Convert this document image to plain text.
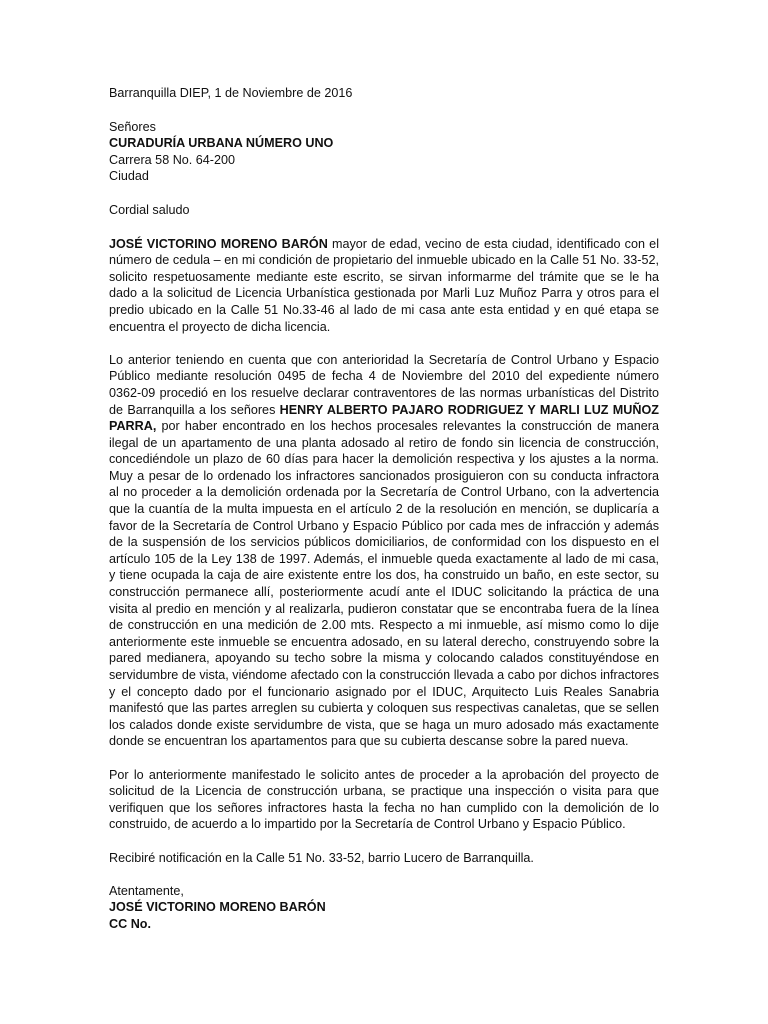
Barranquilla DIEP, 1 de Noviembre de 2016
Señores
CURADURÍA URBANA NÚMERO UNO
Carrera 58 No. 64-200
Ciudad
Cordial saludo

JOSÉ VICTORINO MORENO BARÓN mayor de edad, vecino de esta ciudad, identificado con el número de cedula – en mi condición de propietario del inmueble ubicado en la Calle 51 No. 33-52, solicito respetuosamente mediante este escrito, se sirvan informarme del trámite que se le ha dado a la solicitud de Licencia Urbanística gestionada por Marli Luz Muñoz Parra y otros para el predio ubicado en la Calle 51 No.33-46 al lado de mi casa ante esta entidad y en qué etapa se encuentra el proyecto de dicha licencia.

Lo anterior teniendo en cuenta que con anterioridad la Secretaría de Control Urbano y Espacio Público mediante resolución 0495 de fecha 4 de Noviembre del 2010 del expediente número 0362-09 procedió en los resuelve declarar contraventores de las normas urbanísticas del Distrito de Barranquilla a los señores HENRY ALBERTO PAJARO RODRIGUEZ Y MARLI LUZ MUÑOZ PARRA, por haber encontrado en los hechos procesales relevantes la construcción de manera ilegal de un apartamento de una planta adosado al retiro de fondo sin licencia de construcción, concediéndole un plazo de 60 días para hacer la demolición respectiva y los ajustes a la norma. Muy a pesar de lo ordenado los infractores sancionados prosiguieron con su conducta infractora al no proceder a la demolición ordenada por la Secretaría de Control Urbano, con la advertencia que la cuantía de la multa impuesta en el artículo 2 de la resolución en mención, se duplicaría a favor de la Secretaría de Control Urbano y Espacio Público por cada mes de infracción y además de la suspensión de los servicios públicos domiciliarios, de conformidad con los dispuesto en el artículo 105 de la Ley 138 de 1997. Además, el inmueble queda exactamente al lado de mi casa, y tiene ocupada la caja de aire existente entre los dos, ha construido un baño, en este sector, su construcción permanece allí, posteriormente acudí ante el IDUC solicitando la práctica de una visita al predio en mención y al realizarla, pudieron constatar que se encontraba fuera de la línea de construcción en una medición de 2.00 mts. Respecto a mi inmueble, así mismo como lo dije anteriormente este inmueble se encuentra adosado, en su lateral derecho, construyendo sobre la pared medianera, apoyando su techo sobre la misma y colocando calados constituyéndose en servidumbre de vista, viéndome afectado con la construcción llevada a cabo por dichos infractores y el concepto dado por el funcionario asignado por el IDUC, Arquitecto Luis Reales Sanabria manifestó que las partes arreglen su cubierta y coloquen sus respectivas canaletas, que se sellen los calados donde existe servidumbre de vista, que se haga un muro adosado más exactamente donde se encuentran los apartamentos para que su cubierta descanse sobre la pared nueva.

Por lo anteriormente manifestado le solicito antes de proceder a la aprobación del proyecto de solicitud de la Licencia de construcción urbana, se practique una inspección o visita para que verifiquen que los señores infractores hasta la fecha no han cumplido con la demolición de lo construido, de acuerdo a lo impartido por la Secretaría de Control Urbano y Espacio Público.

Recibiré notificación en la Calle 51 No. 33-52, barrio Lucero de Barranquilla.

Atentamente,
JOSÉ VICTORINO MORENO BARÓN
CC No.
